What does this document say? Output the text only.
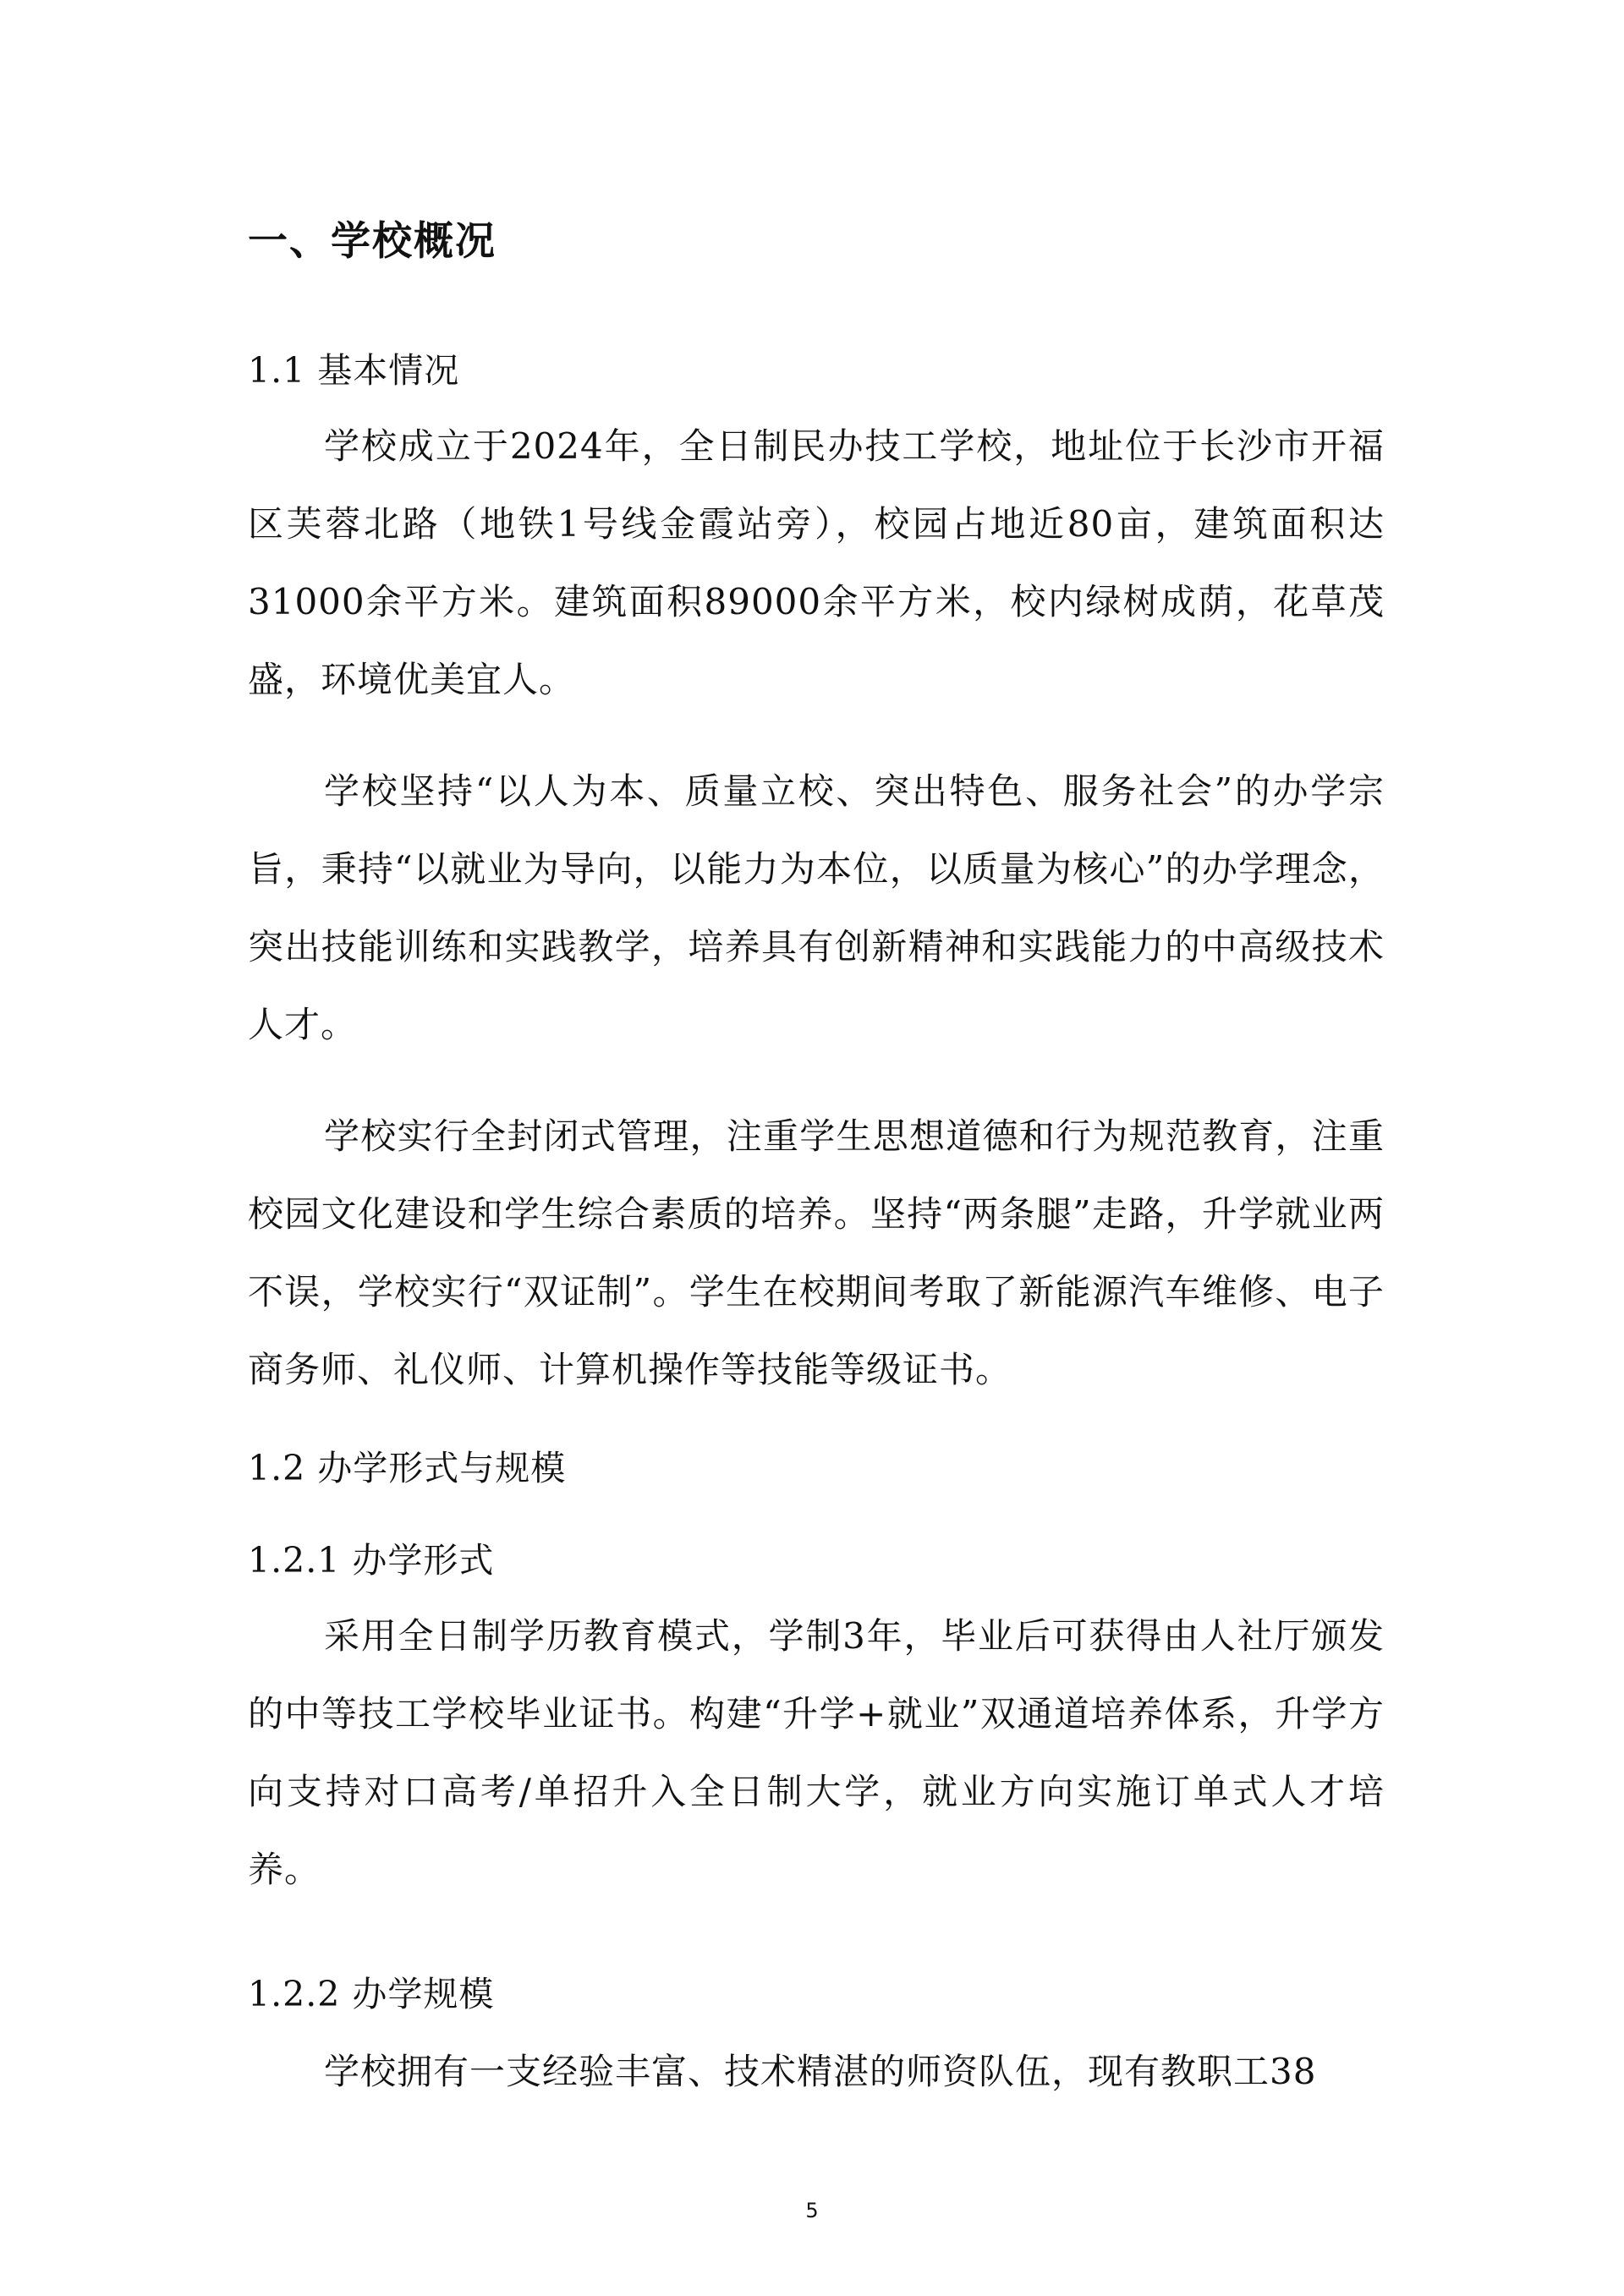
一、学校概况
1.1 基本情况

学校成立于2024年，全日制民办技工学校，地址位于长沙市开福区芙蓉北路（地铁1号线金霞站旁），校园占地近80亩，建筑面积达31000余平方米。建筑面积89000余平方米，校内绿树成荫，花草茂盛，环境优美宜人。

学校坚持“以人为本、质量立校、突出特色、服务社会”的办学宗旨，秉持“以就业为导向，以能力为本位，以质量为核心”的办学理念，突出技能训练和实践教学，培养具有创新精神和实践能力的中高级技术人才。

学校实行全封闭式管理，注重学生思想道德和行为规范教育，注重校园文化建设和学生综合素质的培养。坚持“两条腿”走路，升学就业两不误，学校实行“双证制”。学生在校期间考取了新能源汽车维修、电子商务师、礼仪师、计算机操作等技能等级证书。

1.2 办学形式与规模
1.2.1 办学形式

采用全日制学历教育模式，学制3年，毕业后可获得由人社厅颁发的中等技工学校毕业证书。构建“升学+就业”双通道培养体系，升学方向支持对口高考/单招升入全日制大学，就业方向实施订单式人才培养。

1.2.2 办学规模

学校拥有一支经验丰富、技术精湛的师资队伍，现有教职工38

5
